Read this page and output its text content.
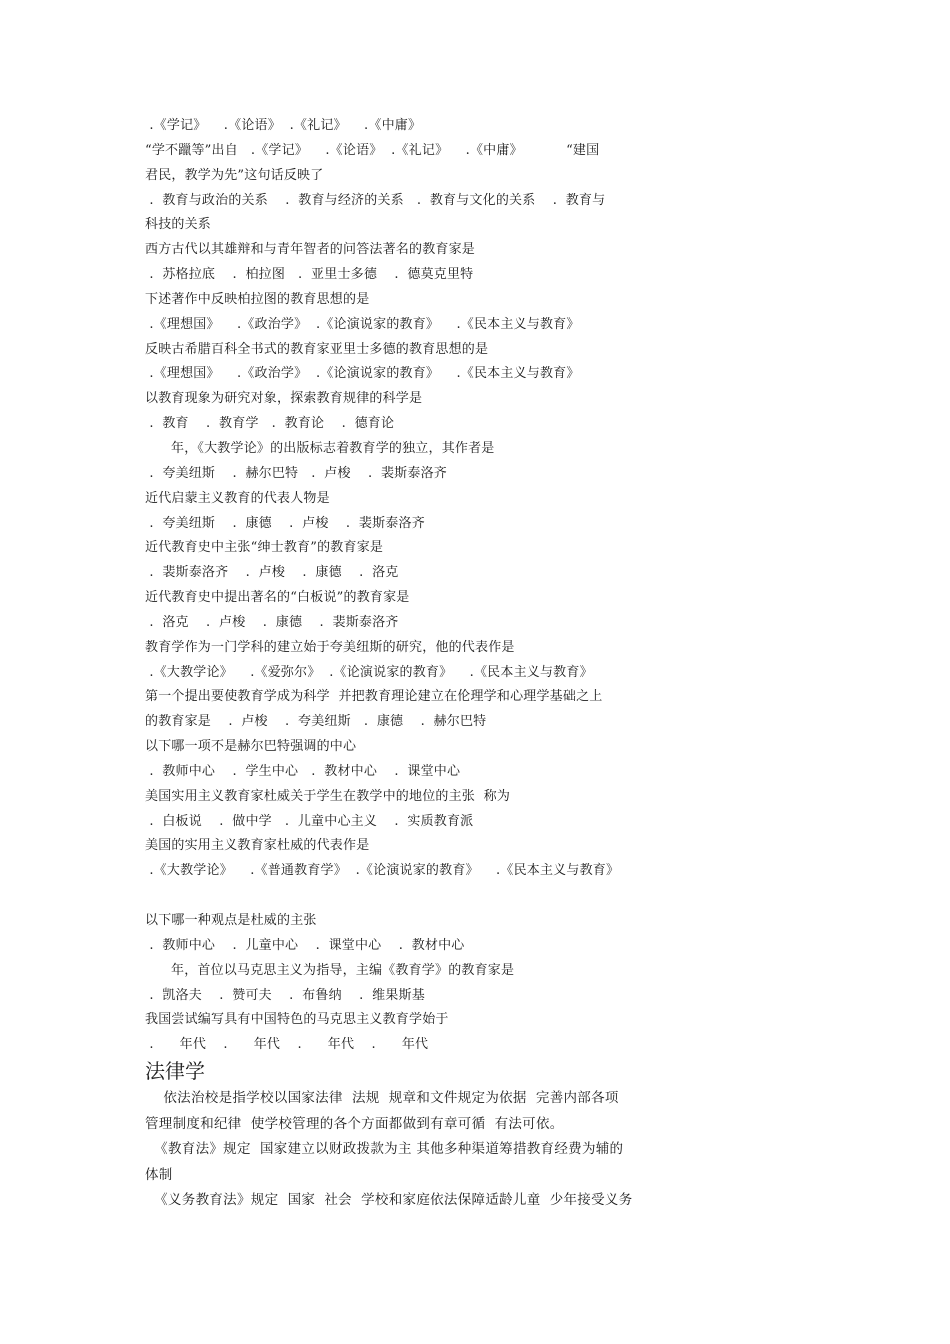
.《学记》    .《论语》  .《礼记》    .《中庸》
“学不躐等”出自   .《学记》    .《论语》  .《礼记》    .《中庸》          “建国
君民，教学为先”这句话反映了
.  教育与政治的关系    .  教育与经济的关系   .  教育与文化的关系    .  教育与
科技的关系
西方古代以其雄辩和与青年智者的问答法著名的教育家是
.  苏格拉底    .  柏拉图   .  亚里士多德    .  德莫克里特
下述著作中反映柏拉图的教育思想的是
.《理想国》    .《政治学》  .《论演说家的教育》    .《民本主义与教育》
反映古希腊百科全书式的教育家亚里士多德的教育思想的是
.《理想国》    .《政治学》  .《论演说家的教育》    .《民本主义与教育》
以教育现象为研究对象，探索教育规律的科学是
.  教育    .  教育学   .  教育论    .  德育论
年，《大教学论》的出版标志着教育学的独立，其作者是
.  夸美纽斯    .  赫尔巴特   .  卢梭    .  裴斯泰洛齐
近代启蒙主义教育的代表人物是
.  夸美纽斯    .  康德    .  卢梭    .  裴斯泰洛齐
近代教育史中主张“绅士教育”的教育家是
.  裴斯泰洛齐    .  卢梭    .  康德    .  洛克
近代教育史中提出著名的“白板说”的教育家是
.  洛克    .  卢梭    .  康德    .  裴斯泰洛齐
教育学作为一门学科的建立始于夸美纽斯的研究，他的代表作是
.《大教学论》    .《爱弥尔》  .《论演说家的教育》    .《民本主义与教育》
第一个提出要使教育学成为科学  并把教育理论建立在伦理学和心理学基础之上
的教育家是    .  卢梭    .  夸美纽斯   .  康德    .  赫尔巴特
以下哪一项不是赫尔巴特强调的中心
.  教师中心    .  学生中心   .  教材中心    .  课堂中心
美国实用主义教育家杜威关于学生在教学中的地位的主张  称为
.  白板说    .  做中学   .  儿童中心主义    .  实质教育派
美国的实用主义教育家杜威的代表作是
.《大教学论》    .《普通教育学》  .《论演说家的教育》    .《民本主义与教育》
以下哪一种观点是杜威的主张
.  教师中心    .  儿童中心    .  课堂中心    .  教材中心
年，首位以马克思主义为指导，主编《教育学》的教育家是
.  凯洛夫    .  赞可夫    .  布鲁纳    .  维果斯基
我国尝试编写具有中国特色的马克思主义教育学始于
.      年代    .      年代    .      年代    .      年代
法律学
依法治校是指学校以国家法律  法规  规章和文件规定为依据  完善内部各项
管理制度和纪律  使学校管理的各个方面都做到有章可循  有法可依。
《教育法》规定  国家建立以财政拨款为主 其他多种渠道筹措教育经费为辅的
体制
《义务教育法》规定  国家  社会  学校和家庭依法保障适龄儿童  少年接受义务
